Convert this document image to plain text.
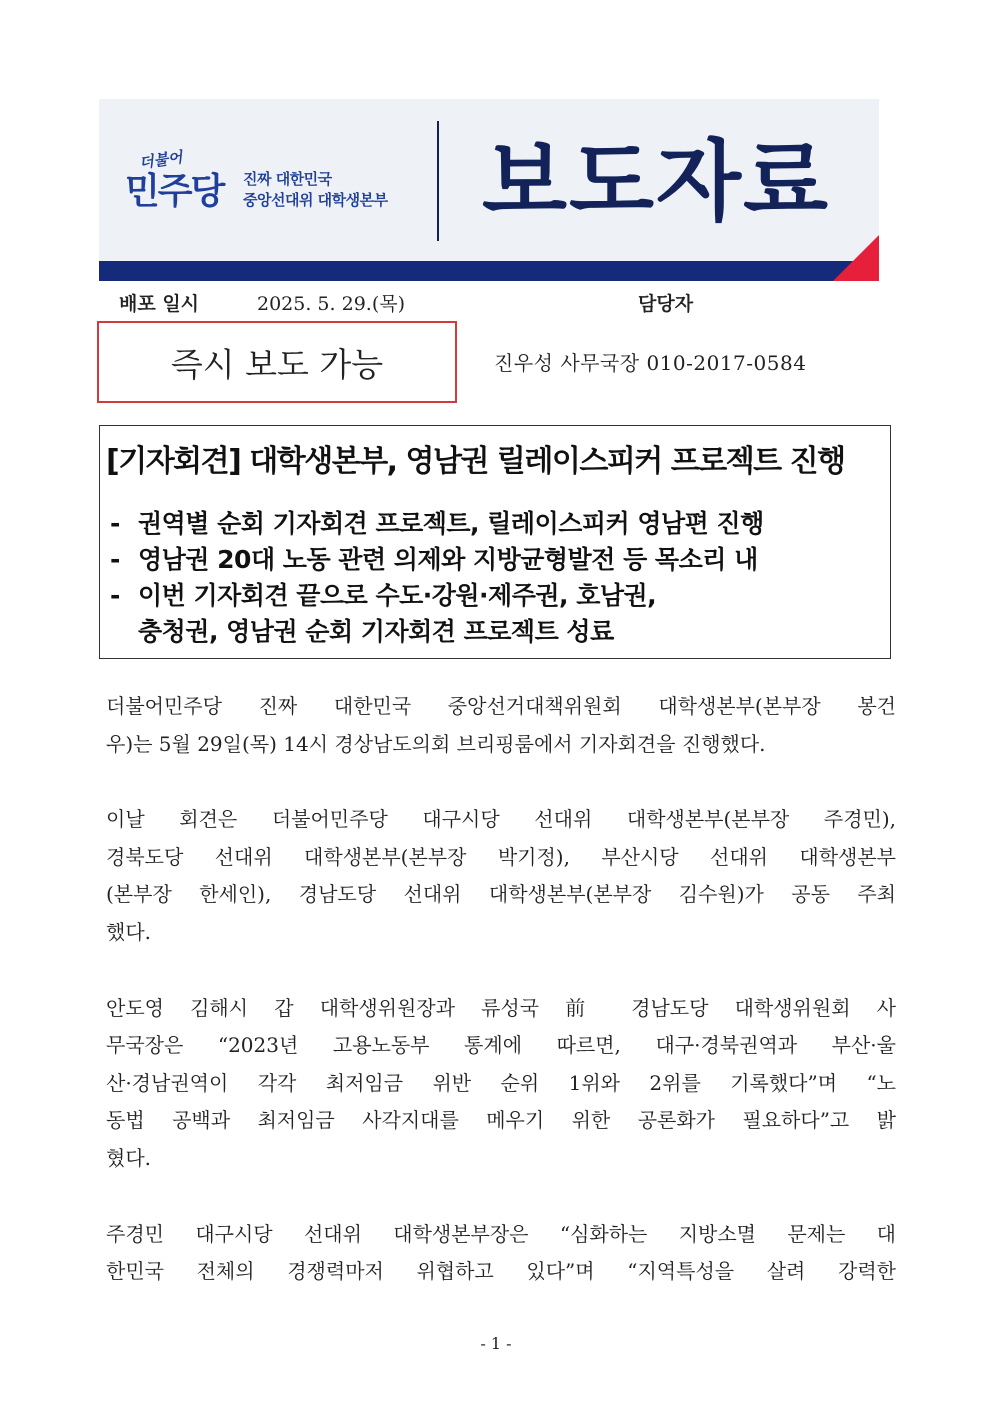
더불어
민주당 진짜 대한민국
중앙선대위 대학생본부	보도자료
배포 일시	2025. 5. 29.(목)	담당자
즉시 보도 가능	진우성 사무국장 010-2017-0584
[기자회견] 대학생본부, 영남권 릴레이스피커 프로젝트 진행
- 권역별 순회 기자회견 프로젝트, 릴레이스피커 영남편 진행
- 영남권 20대 노동 관련 의제와 지방균형발전 등 목소리 내
- 이번 기자회견 끝으로 수도·강원·제주권, 호남권,
충청권, 영남권 순회 기자회견 프로젝트 성료
더불어민주당 진짜 대한민국 중앙선거대책위원회 대학생본부(본부장 봉건
우)는 5월 29일(목) 14시 경상남도의회 브리핑룸에서 기자회견을 진행했다.
이날 회견은 더불어민주당 대구시당 선대위 대학생본부(본부장 주경민),
경북도당 선대위 대학생본부(본부장 박기정), 부산시당 선대위 대학생본부
(본부장 한세인), 경남도당 선대위 대학생본부(본부장 김수원)가 공동 주최
했다.
안도영 김해시 갑 대학생위원장과 류성국 前 경남도당 대학생위원회 사
무국장은 “2023년 고용노동부 통계에 따르면, 대구·경북권역과 부산·울
산·경남권역이 각각 최저임금 위반 순위 1위와 2위를 기록했다”며 “노
동법 공백과 최저임금 사각지대를 메우기 위한 공론화가 필요하다”고 밝
혔다.
주경민 대구시당 선대위 대학생본부장은 “심화하는 지방소멸 문제는 대
한민국 전체의 경쟁력마저 위협하고 있다”며 “지역특성을 살려 강력한
- 1 -
